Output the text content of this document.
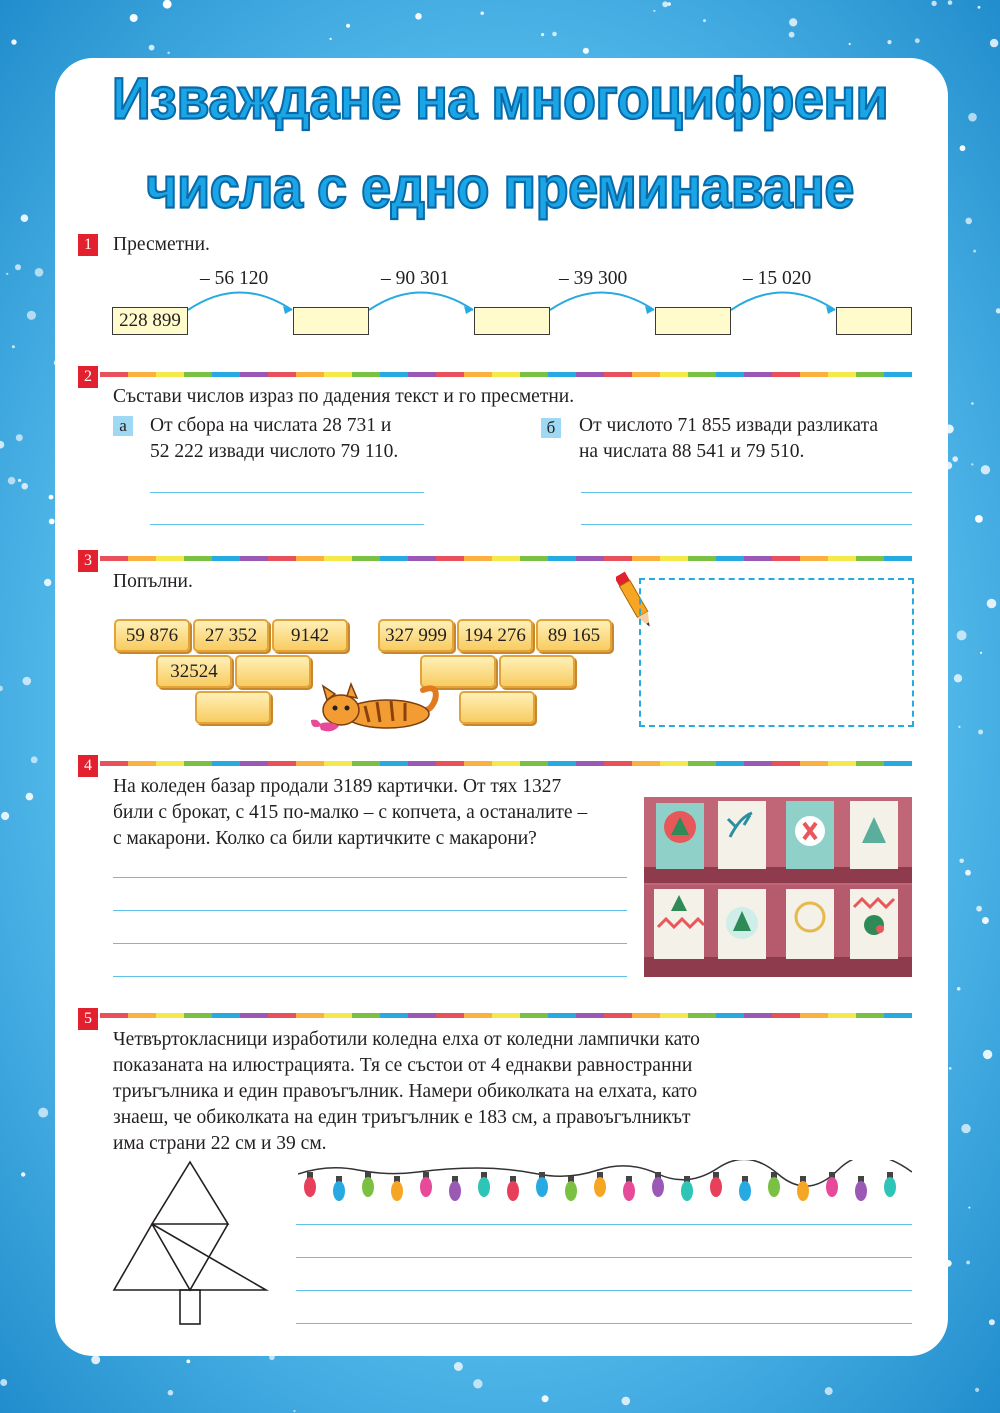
Изваждане на многоцифрени
числа с едно преминаване
1	Пресметни.
– 56 120	– 90 301	– 39 300	– 15 020
228 899
2
Състави числов израз по дадения текст и го пресметни.
а	От сбора на числата 28 731 и
52 222 извади числото 79 110.
б От числото 71 855 извади разликата
на числата 88 541 и 79 510.
3
Попълни.
59 876	27 352	9142
32524
327 999 194 276	89 165
4
На коледен базар продали 3189 картички. От тях 1327
били с брокат, с 415 по-малко – с копчета, а останалите –
с макарони. Колко са били картичките с макарони?
5
Четвъртокласници изработили коледна елха от коледни лампички като
показаната на илюстрацията. Тя се състои от 4 еднакви равностранни
триъгълника и един правоъгълник. Намери обиколката на елхата, като
знаеш, че обиколката на един триъгълник е 183 см, а правоъгълникът
има страни 22 см и 39 см.
